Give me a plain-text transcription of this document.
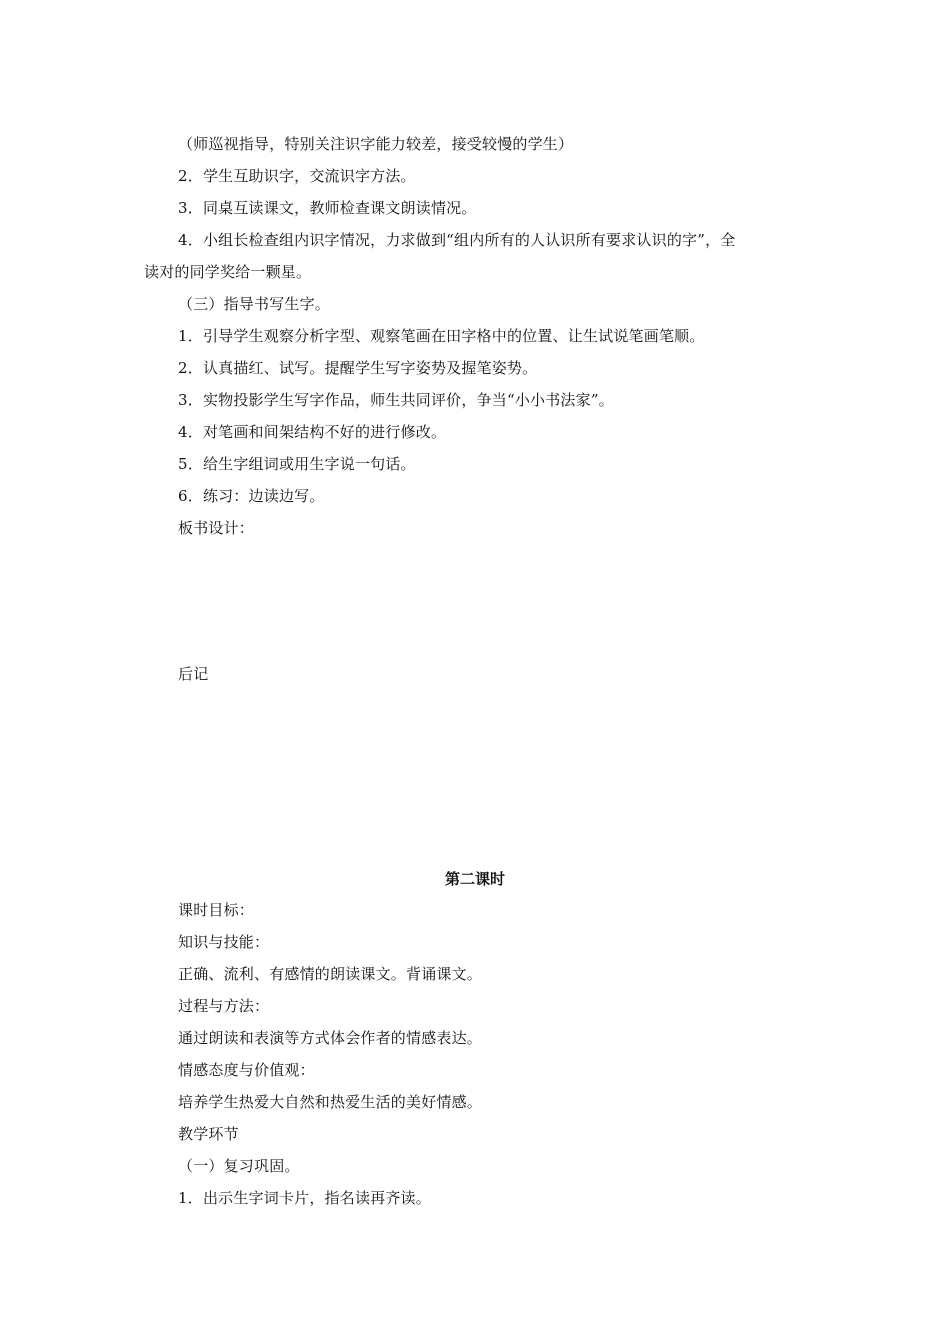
（师巡视指导，特别关注识字能力较差，接受较慢的学生）
2．学生互助识字，交流识字方法。
3．同桌互读课文，教师检查课文朗读情况。
4．小组长检查组内识字情况，力求做到“组内所有的人认识所有要求认识的字”，全
读对的同学奖给一颗星。
（三）指导书写生字。
1．引导学生观察分析字型、观察笔画在田字格中的位置、让生试说笔画笔顺。
2．认真描红、试写。提醒学生写字姿势及握笔姿势。
3．实物投影学生写字作品，师生共同评价，争当“小小书法家”。
4．对笔画和间架结构不好的进行修改。
5．给生字组词或用生字说一句话。
6．练习：边读边写。
板书设计：
后记
第二课时
课时目标：
知识与技能：
正确、流利、有感情的朗读课文。背诵课文。
过程与方法：
通过朗读和表演等方式体会作者的情感表达。
情感态度与价值观：
培养学生热爱大自然和热爱生活的美好情感。
教学环节
（一）复习巩固。
1．出示生字词卡片，指名读再齐读。
